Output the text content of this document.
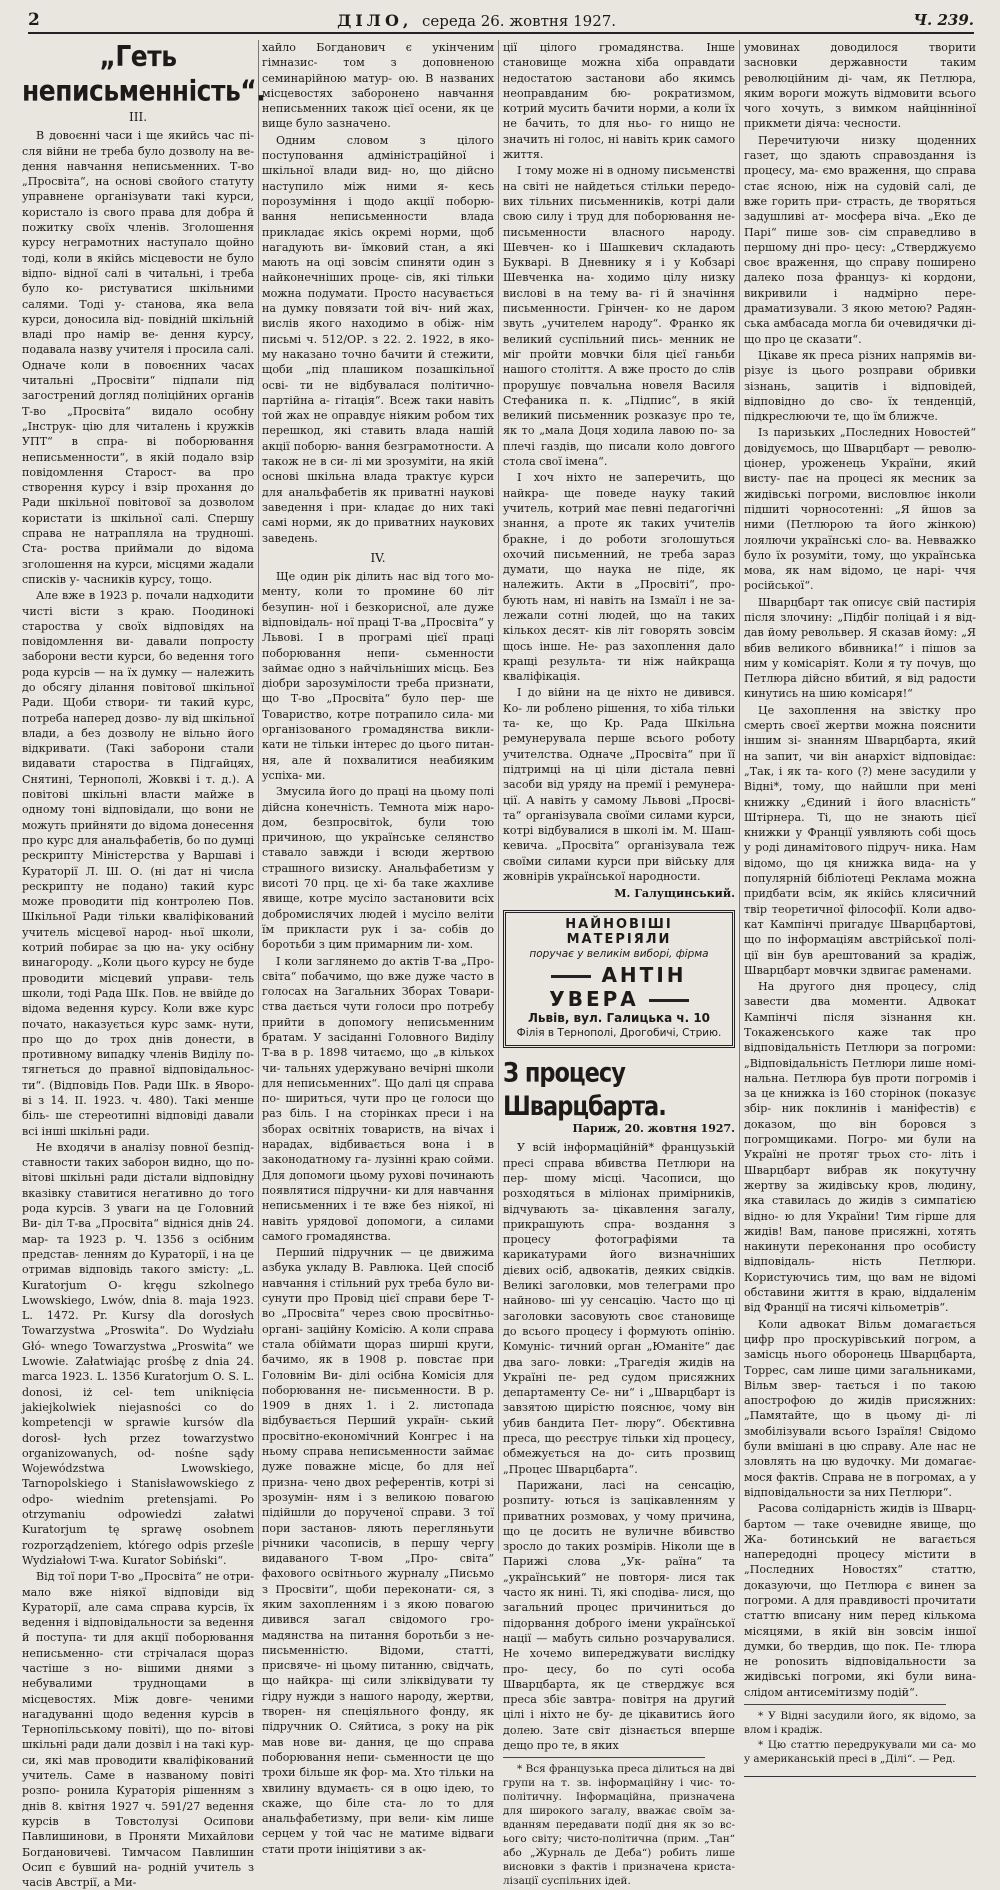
2	ДІЛО, середа 26. жовтня 1927.	Ч. 239.
„Геть неписьменність“.
III.

В довоєнні часи і ще якийсь час пі- сля війни не треба було дозволу на ве- дення навчання неписьменних. Т-во „Просвіта“, на основі свойого статуту управнене організувати такі курси, користало із свого права для добра й пожитку своїх членів. Зголошення курсу неграмотних наступало щойно тоді, коли в якійсь місцевости не було відпо- відної салі в читальні, і треба було ко- ристуватися шкільними салями. Тоді у- становa, яка вела курси, доносила від- повідній шкільній владі про намір ве- дення курсу, подавала назву учителя і просила салі. Одначе коли в повоєнних часах читальні „Просвіти“ підпали під загострений догляд поліційних органів Т-во „Просвіта“ видало особну „Інструк- цію для читалень і кружків УПТ“ в спра- ві поборювання неписьменности“, в якій подало взір повідомлення Старост- ва про створення курсу і взір прохання до Ради шкільної повітової за дозволом користати із шкільної салі. Спершу справа не натраплялa на трудноші. Ста- роства приймали до відома зголошення на курси, місцями жадали списків у- часників курсу, тощо.

Але вже в 1923 р. почали надходити чисті вісти з краю. Поодинокі староства у своїх відповідях на повідомлення ви- давали попросту заборони вести курси, бо ведення того рода курсів — на їх думку — належить до обсягу ділання повітової шкільної Ради. Щоби створи- ти такий курс, потреба наперед дозво- лу від шкільної влади, а без дозволу не вільно його відкривати. (Такі заборони стали видавати староства в Підгайцях, Снятині, Тернополі, Жовкві і т. д.). А повітові шкільні власти майже в одному тоні відповідали, що вони не можуть прийняти до відома донесення про курс для анальфабетів, бо по думці рескрипту Міністерства у Варшаві і Кураторії Л. Ш. О. (ні дат ні числа рескрипту не подано) такий курс може проводити під контролею Пов. Шкільної Ради тільки кваліфікований учитель місцевої народ- ньої школи, котрий побирає за цю на- уку осібну винагороду. „Коли цього курсу не буде проводити місцевий управи- тель школи, тоді Рада Шк. Пов. не ввійде до відома ведення курсу. Коли вже курс почато, наказується курс замк- нути, про що до трох днів донести, в противному випадку членів Виділу по- тягнеться до правної відповідальнос- ти“. (Відповідь Пов. Ради Шк. в Яворо- ві з 14. II. 1923. ч. 480). Такі менше біль- ше стереотипні відповіді давали всі інші шкільні ради.

Не входячи в аналізу повної безпід- ставности таких заборон видно, що по- вітові шкільні ради дістали відповідну вказівку ставитися негативно до того рода курсів. З уваги на це Головний Ви- діл Т-ва „Просвіта“ відніся днів 24. мар- тa 1923 р. Ч. 1356 з осібним представ- ленням до Кураторії, і на це отримав відповідь такого змісту: „L. Kuratorjum O- kręgu szkolnego Lwowskiego, Lwów, dnia 8. maja 1923. L. 1472. Pr. Kursy dla dorosłych Towarzystwa „Proswita“. Do Wydziału Głó- wnego Towarzystwa „Proswita“ we Lwowie. Załatwiając prośbę z dnia 24. marca 1923. L. 1356 Kuratorjum O. S. L. donosi, iż cel- tem uniknięcia jakiejkolwiek niejasności co do kompetencji w sprawie kursów dla dorosł- łych przez towarzystwo organizowanych, od- nośne sądy Wojewódzstwa Lwowskiego, Tarnopolskiego i Stanisławowskiego z odpo- wiednim pretensjami. Po otrzymaniu odpowiedzi załatwi Kuratorjum tę sprawę osobnem rozporządzeniem, którego odpis prześle Wydziałowi T-wa. Kurator Sobiński“.

Від тої пори Т-во „Просвіта“ не отри- мало вже ніякої відповіди від Кураторії, але сама справа курсів, їх ведення і відповідальности за ведення й поступа- ти для акції поборювання неписьменно- сти стрічалася щораз частіше з но- вішими днями з небувалими труднощами в місцевостях. Між довге- ченими нагадуванні щодо ведення курсів в Тернопільському повіті), що по- вітові шкільні ради дали дозвіл і на такі кур- си, які мав проводити кваліфікований учитель. Саме в названому повіті розпо- ронила Кураторія рішенням з днів 8. квітня 1927 ч. 591/27 ведення курсів в Товстолузі Осипови Павлишинови, в Проняти Михайлови Богдановичеві. Тимчасом Павлишин Осип є бувший на- родній учитель з часів Австрії, а Ми-

хайло Богданович є укінченим гімназис- том з доповненою семинарійною матур- ою. В названих місцевостях заборонено навчання неписьменних також цієї осени, як це вище було зазначено.

Одним словом з цілого поступовання адміністраційної і шкільної влади вид- но, що дійсно наступило між ними я- кесь порозуміння і щодо акції поборю- вання неписьменности влада прикладає якісь окремі норми, щоб нагадують ви- їмковий стан, а які мають на оці зовсім спиняти один з найконечніших проце- сів, які тільки можна подумати. Просто насувається на думку повязати той віч- ний жах, вислів якого находимо в обіж- нім письмі ч. 512/ОР. з 22. 2. 1922, в яко- му наказано точно бачити й стежити, щоби „під плашиком позашкільної осві- ти не відбувалася політично-партійна а- гітація“. Всеж таки навіть той жах не оправдує ніяким робом тих перешкод, які ставить влада нашій акції поборю- вання безграмотности. А також не в си- лі ми зрозуміти, на якій основі шкільна влада трактує курси для анальфабетів як приватні наукові заведення і при- кладає до них такі самі норми, як до приватних наукових заведень.

IV.

Ще один рік ділить нас від того мо- менту, коли то проминe 60 літ безупин- ної і безкорисної, але дуже відповідаль- ної праці Т-ва „Просвіта“ у Львові. І в програмі цієї праці поборювання непи- сьменности займає одно з найчільніших місць. Без діобри зарозумілости треба признати, що Т-во „Просвіта“ було пер- ше Товариство, котре потрапило сила- ми організованого громадянства викли- кати не тільки інтерес до цього питан- ня, але й похвалитися неабияким успіха- ми.

Змусила його до праці на цьому полі дійсна конечність. Темнота між наро- дом, безпросвітok, були тою причиною, що українське селянство ставало завжди і всюди жертвою страшного визиску. Анальфабетизм у висоті 70 прц. це хі- ба таке жахливе явище, котре мусіло застановити всіх добромислячих людей і мусіло велiти їм прикласти рук і за- собів до боротьби з цим примарним ли- хом.

І коли заглянемо до актів Т-ва „Про- світа“ побачимо, що вже дуже часто в голосах на Загальних Зборах Товари- ства дається чути голоси про потребу прийти в допомогу неписьменним братам. У засіданні Головного Виділу Т-ва в р. 1898 читаємо, що „в кількох чи- тальнях удержувано вечірні школи для неписьменних“. Що далі ця справа по- шириться, чути про це голоси що раз біль. І на сторінках преси і на зборах освітніх товариств, на вічах і нарадах, відбивається вона і в законодатному га- лузінні краю сойми. Для допомоги цьому руховi починають появлятися підручни- ки для навчання неписьменних і те вже без ніякої, ні навіть урядової допомоги, а силами самого громадянства.

Перший підручник — це движима азбука укладу В. Равлюка. Цей спосіб навчання і стільний рух треба було ви- сунути про Провід цієї справи бере Т-во „Просвіта“ через свою просвітньо-органі- заційну Комісію. А коли справа стала обіймати щораз ширші круги, бачимо, як в 1908 р. повстає при Головнім Ви- ділі осібна Комісія для поборювання не- письменности. В р. 1909 в днях 1. і 2. листопада відбувається Перший україн- ський просвітно-економічний Конгрес і на ньому справа неписьменности займає дуже поважне місце, бо для неї призна- чено двох референтів, котрі зі зрозумін- ням і з великою повагою підійшли до порученої справи. З тої пори застанов- ляють перегляньути річники часописів, в першу чергу видаваного Т-вом „Про- світа“ фахового освітнього журналу „Письмо з Просвіти“, щоби переконати- ся, з яким захопленням і з якою повагою дивився загал свідомого гро- мадянства на питання боротьби з не- письменністю. Відоми, статті, присвяче- ні цьому питанню, свідчать, що найкра- щі сили зліквідувати ту гідру нужди з нашого народу, жертви, творен- ня спеціяльного фонду, як підручник О. Сяйтиса, з року на рік мав нове ви- дання, це що справа поборювання непи- сьменности це що трохи більше як фор- ма. Хто тільки на хвилину вдумаєть- ся в оцю ідею, то скаже, що біле ста- ло то для анальфабетизму, при вели- кім лише серцем у той час не матиме відваги стати проти ініціятиви з ак-

ції цілого громадянства. Інше становище можна хіба оправдати недостатою застанови або якимсь неоправданим бю- рократизмом, котрий мусить бачити норми, а коли їх не бачить, то для ньо- го нищо не значить ні голос, ні навіть крик самого життя.

І тому може ні в одному письменстві на світі не найдеться стільки передо- вих тільних письменників, котрі дали свою силу і труд для поборювання не- письменности власного народу. Шевчен- ко і Шашкевич складають Букварі. В Дневнику я і у Кобзарі Шевченка на- ходимо цілу низку вислові в на тему ва- гі й значіння письменности. Грінчен- ко не даром звуть „учителем народу“. Франко як великий суспільний пись- менник не міг пройти мовчки біля цієї ганьби нашого століття. А вже просто до слів прорушує повчальна новеля Василя Стефаника п. к. „Підпис“, в якій великий письменник розказує про те, як то „мала Доця ходила лавою по- за плечі газдів, що писали коло довгого стола свої імена“.

І хоч ніхто не заперечить, що найкра- ще поведе науку такий учитель, котрий має певні педагогічні знання, а проте як таких учителів бракне, і до роботи зголошуться охочий письменний, не треба зараз думати, що наука не піде, як належить. Акти в „Просвіті“, про- бують нам, ні навіть на Ізмаїл і не за- лежали сотні людей, що на таких кількох десят- ків літ говорять зовсім щось інше. Не- раз захоплення дало кращі результа- ти ніж найкраща кваліфікація.

І до війни на це ніхто не дивився. Ко- ли роблено рішення, то хіба тільки та- ке, що Кр. Рада Шкільна ремунерувала перше всього роботу учителства. Одначе „Просвіта“ при її підтримці на ці ціли дістала певні засоби від уряду на премії і ремунера- ції. А навіть у самому Львові „Просві- та“ організувала своїми силами курси, котрі відбувалися в школі ім. М. Шаш- кевича. „Просвіта“ організувала теж своїми силами курси при війську для жовнірів української народности.

М. Галущинський.
НАЙНОВІШІ МАТЕРІЯЛИ
поручає у великім виборі, фірма
АНТІН УВЕРА
Львів, вул. Галицька ч. 10
Філія в Тернополі, Дрогобичі, Стрию.
З процесу Шварцбарта.
Париж, 20. жовтня 1927.

У всій інформаційній* французькій пресі справа вбивства Петлюри на пер- шому місці. Часописи, що розходяться в міліонах примірників, відчувають за- цікавлення загалу, прикрашують спра- воздання з процесу фотографіями та карикатурами його визначніших дієвих осіб, адвокатів, деяких свідків. Великі заголовки, мов телеграми про найново- ші уу сенсацію. Часто що ці заголовки засовують своє становище до всього процесу і формують опінію. Комуніс- тичний орган „Юманіте“ дає два заго- ловки: „Трагедія жидів на Україні пе- ред судом присяжних департаменту Се- ни“ і „Шварцбарт із завзятою щирістю пояснює, чому він убив бандита Пет- люру“. Обєктивна преса, що реєструє тільки хід процесу, обмежується на до- сить прозвищ „Процес Шварцбарта“.

Парижани, ласі на сенсацію, розпиту- ються із зацікавленням у приватних розмовах, у чому причина, що це досить не вуличне вбивство зросло до таких розмірів. Ніколи ще в Парижі слова „Ук- раїна“ та „український“ не повторя- лися так часто як нині. Ті, які сподіва- лися, що загальний процес причиниться до підорвання доброго імени української нації — мабуть сильно розчарувалися. Не хочемо випереджувати вислідку про- цесу, бо по суті особа Шварцбарта, як це стверджує вся преса збіє завтра- повітря на другий цілі і ніхто не бу- де цікавитись його долею. Зате світ дізнається вперше дещо про те, в яких

* Вся французька преса ділиться на дві групи на т. зв. інформаційну і чис- то-політичну. Інформаційна, призначена для широкого загалу, вважає своїм за- вданням передавати події дня як зо вс- ього світу; чисто-політична (прим. „Тан“ або „Журналь де Деба“) робить лише висновки з фактів і призначена криста- лізації суспільних ідей.

умовинах доводилося творити засновки державности таким революційним ді- чам, як Петлюра, яким вороги можуть відмовити всього чого хочуть, з вимком найцінніної прикмети діяча: чесности.

Перечитуючи низку щоденних газет, що здають справоздання із процесу, ма- ємо враження, що справа стає ясною, ніж на судовій салі, де вже горить при- страсть, де творяться задушливі ат- мосфера віча. „Еко де Парі“ пише зов- сім справедливо в першому дні про- цесу: „Стверджуємо своє враження, що справу поширено далеко поза француз- кі кордони, викривили і надмірно пере- драматизували. З якою метою? Радян- ська амбасада могла би очевидячки ді- що про це сказати“.

Цікаве як преса різних напрямів ви- різує із цього розправи обривки зізнань, зацитів і відповідей, відповідно до сво- їх тенденцій, підкреслюючи те, що їм ближче.

Із паризьких „Последних Новостей“ довідуємось, що Шварцбарт — револю- ціонер, уроженець України, який висту- пає на процесі як месник за жидівські погроми, висловлює інколи підшиті чорносотенні: „Я йшов за ними (Петлюрою та його жінкою) лоялючи українські сло- ва. Невважко було їх розуміти, тому, що українська мова, як нам відомо, це нарі- ччя російської“.

Шварцбарт так описує свій пастирія після злочину: „Підбіг поліцай і я від- дав йому револьвер. Я сказав йому: „Я вбив великого вбивника!“ і пішов за ним у комісаріят. Коли я ту почув, що Петлюра дійсно вбитий, я від радости кинутись на шию комісаря!“

Це захоплення на звістку про смерть своєї жертви можна пояснити іншим зі- знанням Шварцбарта, який на запит, чи він анархіст відповідає: „Так, і як та- кого (?) мене засудили у Відні*, тому, що найшли при мені книжку „Єдиний і його власність“ Штірнера. Ті, що не знають цієї книжки у Франції уявляють собі щось у роді динамітового підруч- ника. Нам відомо, що ця книжка вида- на у популярній бібліотеці Реклама можна придбати всім, як якійсь клясичний твір теоретичної філософії. Коли адво- кат Кампінчі пригадує Шварцбартові, що по інформаціям австрійської полі- ції він був арештований за крадіж, Шварцбарт мовчки здвигає раменами.

На другого дня процесу, слід завести два моменти. Адвокат Кампінчі після зізнання кн. Токаженського каже так про відповідальність Петлюри за погроми: „Відповідальність Петлюри лише номі- нальна. Петлюра був проти погромів і за це книжка із 160 сторінок (показує збір- ник поклинів і маніфестів) є доказом, що він боровся з погромщиками. Погро- ми були на Україні не протяг трьох сто- літь і Шварцбарт вибрав як покутучну жертву за жидівську кров, людину, яка ставилась до жидів з симпатією відно- ю для України! Тим гірше для жидів! Вам, панове присяжні, хотять накинути переконання про особисту відповідаль- ність Петлюри. Користуючись тим, що вам не відомі обставини життя в краю, віддаленім від Франції на тисячі кільометрів“.

Коли адвокат Вільм домагається цифр про проскурівський погром, а замісць нього оборонець Шварцбарта, Торрес, сам лише цими загальниками, Вільм звер- тається і по такою апострофою до жидів присяжних: „Памятайте, що в цьому ді- лі змобілізували всього Ізраїля! Свідомо були вмішані в цю справу. Але нас не зловлять на цю вудочку. Ми домагає- мося фактів. Справа не в погромах, а у відповідальности за них Петлюри“.

Расова солідарність жидів із Шварц- бартом — таке очевидне явище, що Жа- ботинський не вагається напередодні процесу містити в „Последних Новостях“ статтю, доказуючи, що Петлюра є винен за погроми. А для правдивості прочитати статтю вписану ним перед кількома місяцями, в якій він зовсім іншої думки, бо твердив, що пок. Пе- тлюра не ponosить відповідальности за жидівські погроми, які були вина- слідом антисемітизму подій“.

* У Відні засудили його, як відомо, за влом і крадіж.

* Цю статтю передрукували ми са- мо у американській пресі в „Ділі“. — Ред.
